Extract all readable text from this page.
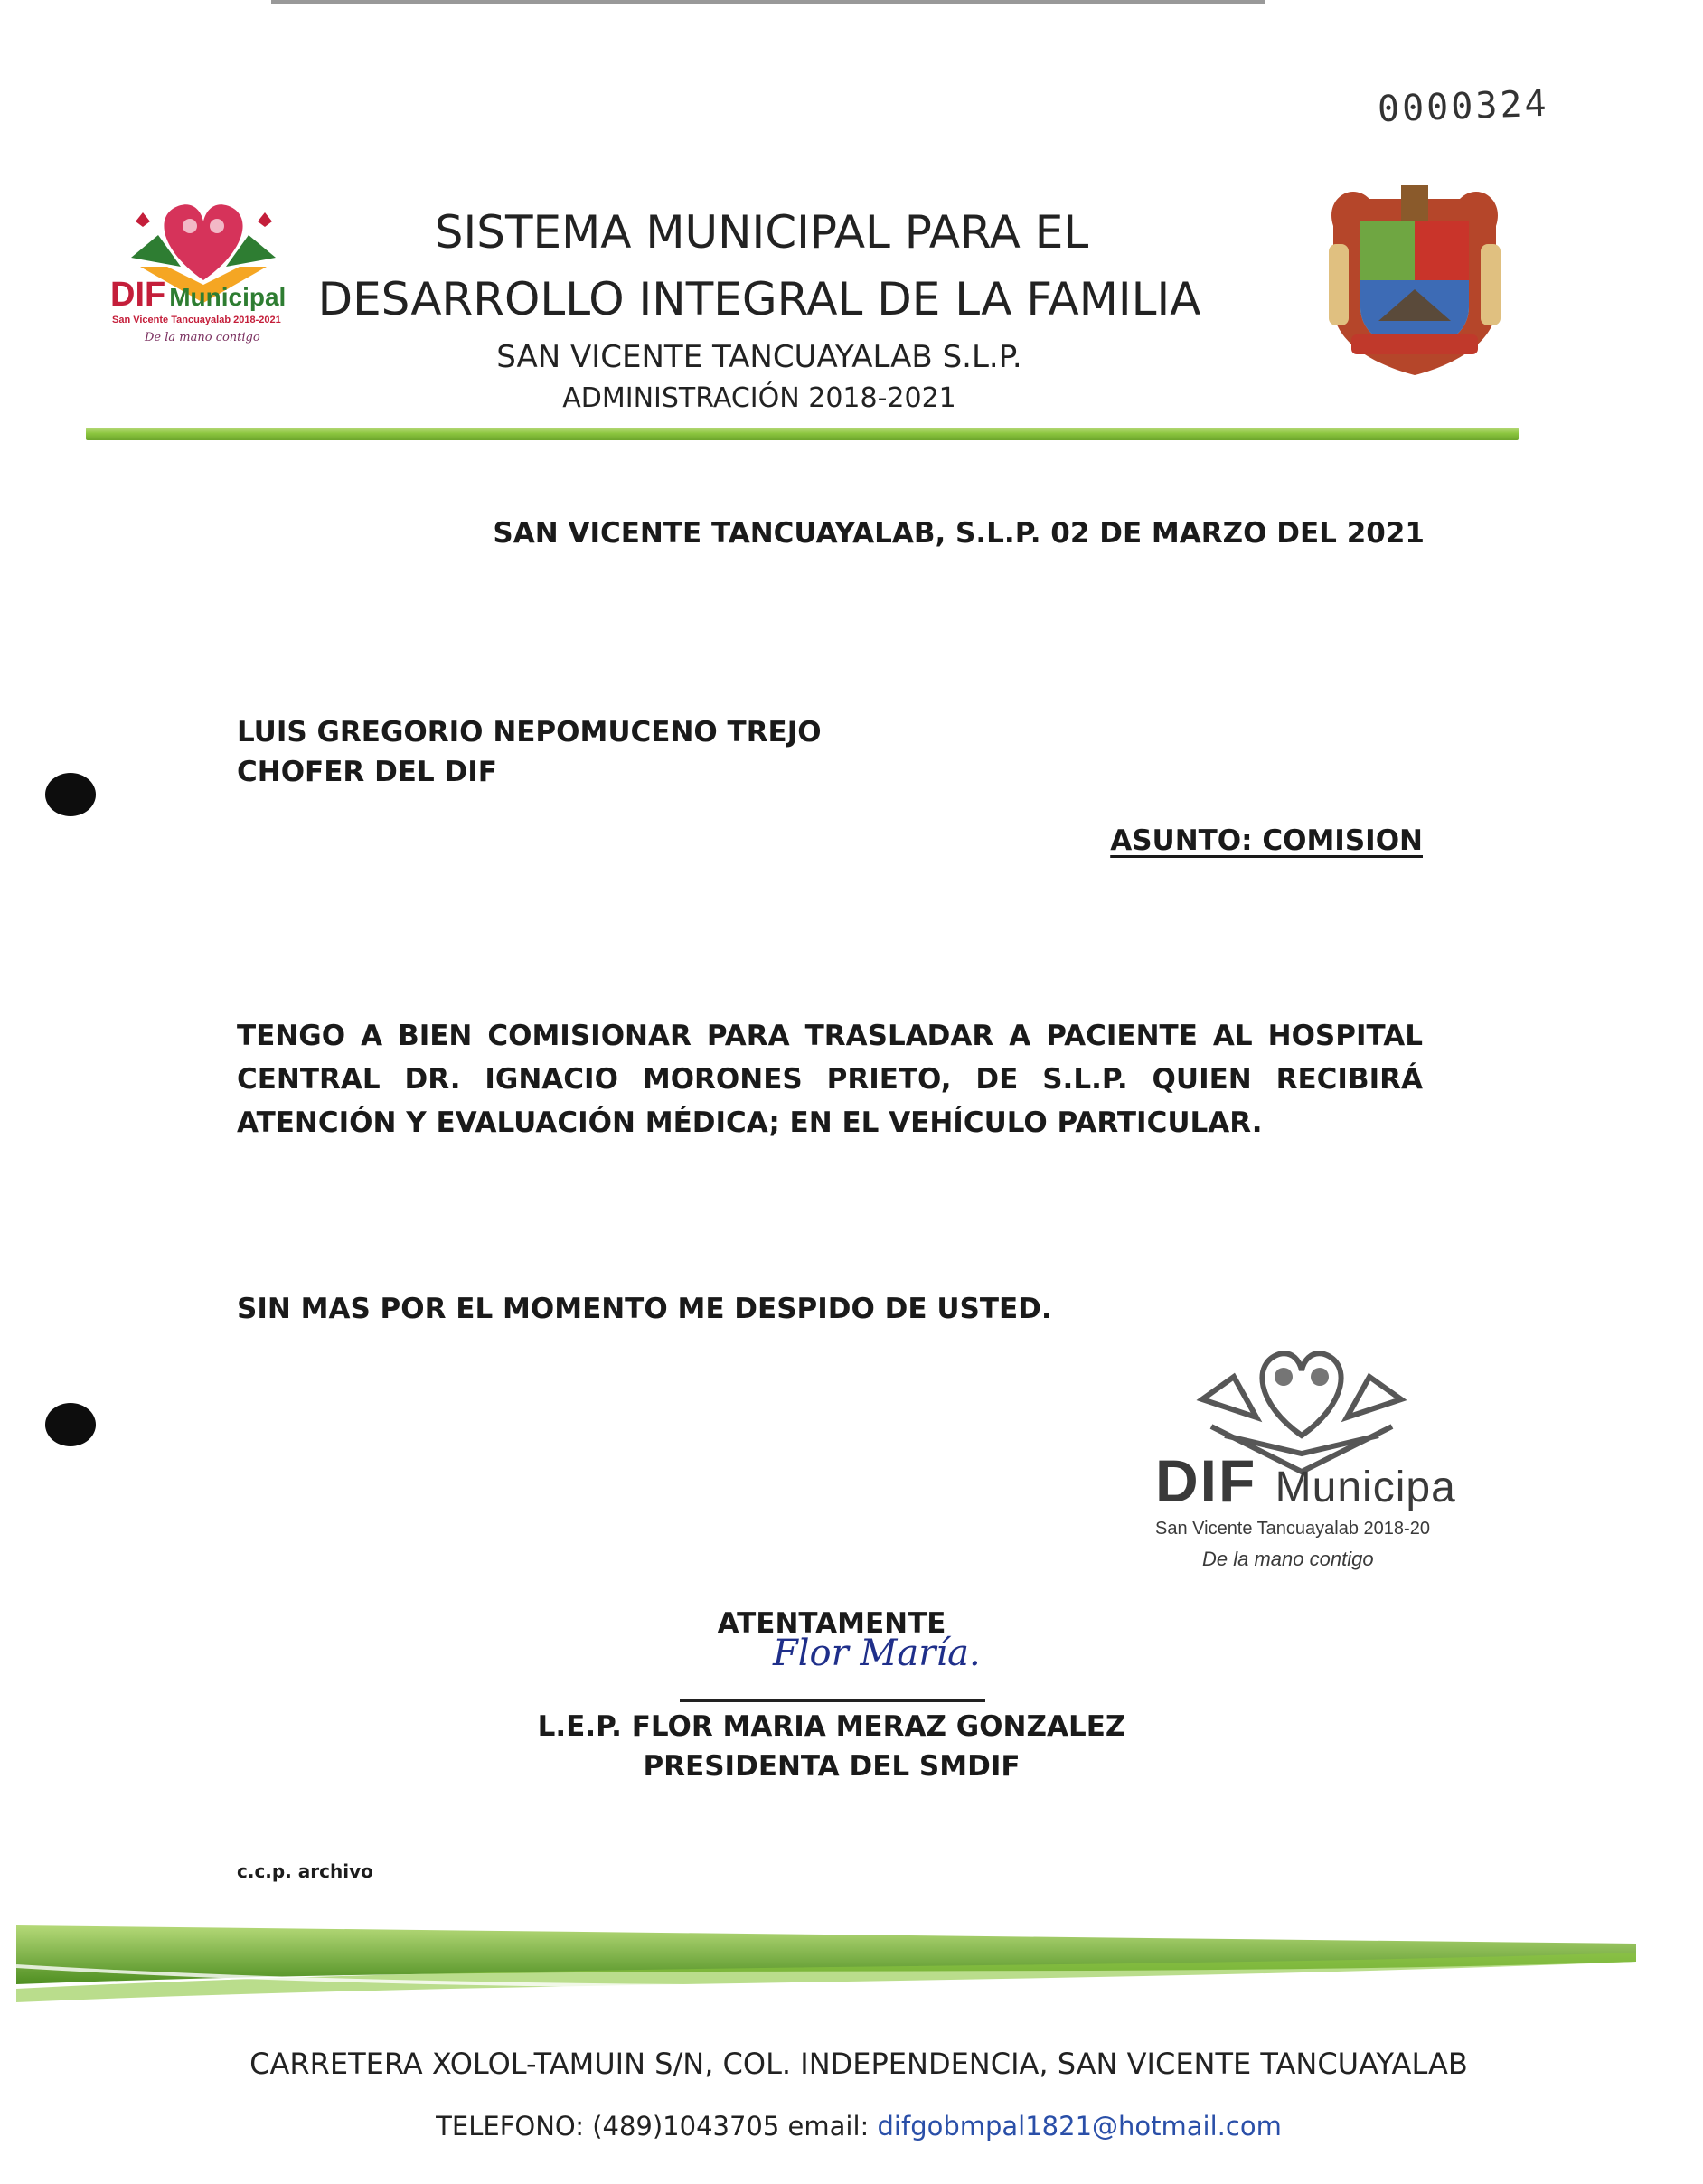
0000324
DIF Municipal
San Vicente Tancuayalab 2018-2021
De la mano contigo
SISTEMA MUNICIPAL PARA EL
DESARROLLO INTEGRAL DE LA FAMILIA
SAN VICENTE TANCUAYALAB S.L.P.
ADMINISTRACIÓN 2018-2021
SAN VICENTE TANCUAYALAB, S.L.P. 02 DE MARZO DEL 2021
LUIS GREGORIO NEPOMUCENO TREJO
CHOFER DEL DIF
ASUNTO: COMISION
TENGO A BIEN COMISIONAR PARA TRASLADAR A PACIENTE AL HOSPITAL CENTRAL DR. IGNACIO MORONES PRIETO, DE S.L.P. QUIEN RECIBIRÁ ATENCIÓN Y EVALUACIÓN MÉDICA; EN EL VEHÍCULO PARTICULAR.
SIN MAS POR EL MOMENTO ME DESPIDO DE USTED.
DIF Municipa
San Vicente Tancuayalab 2018-20
De la mano contigo
ATENTAMENTE
Flor María.
L.E.P. FLOR MARIA MERAZ GONZALEZ
PRESIDENTA DEL SMDIF
c.c.p. archivo
CARRETERA XOLOL-TAMUIN S/N, COL. INDEPENDENCIA, SAN VICENTE TANCUAYALAB
TELEFONO: (489)1043705 email: difgobmpal1821@hotmail.com
